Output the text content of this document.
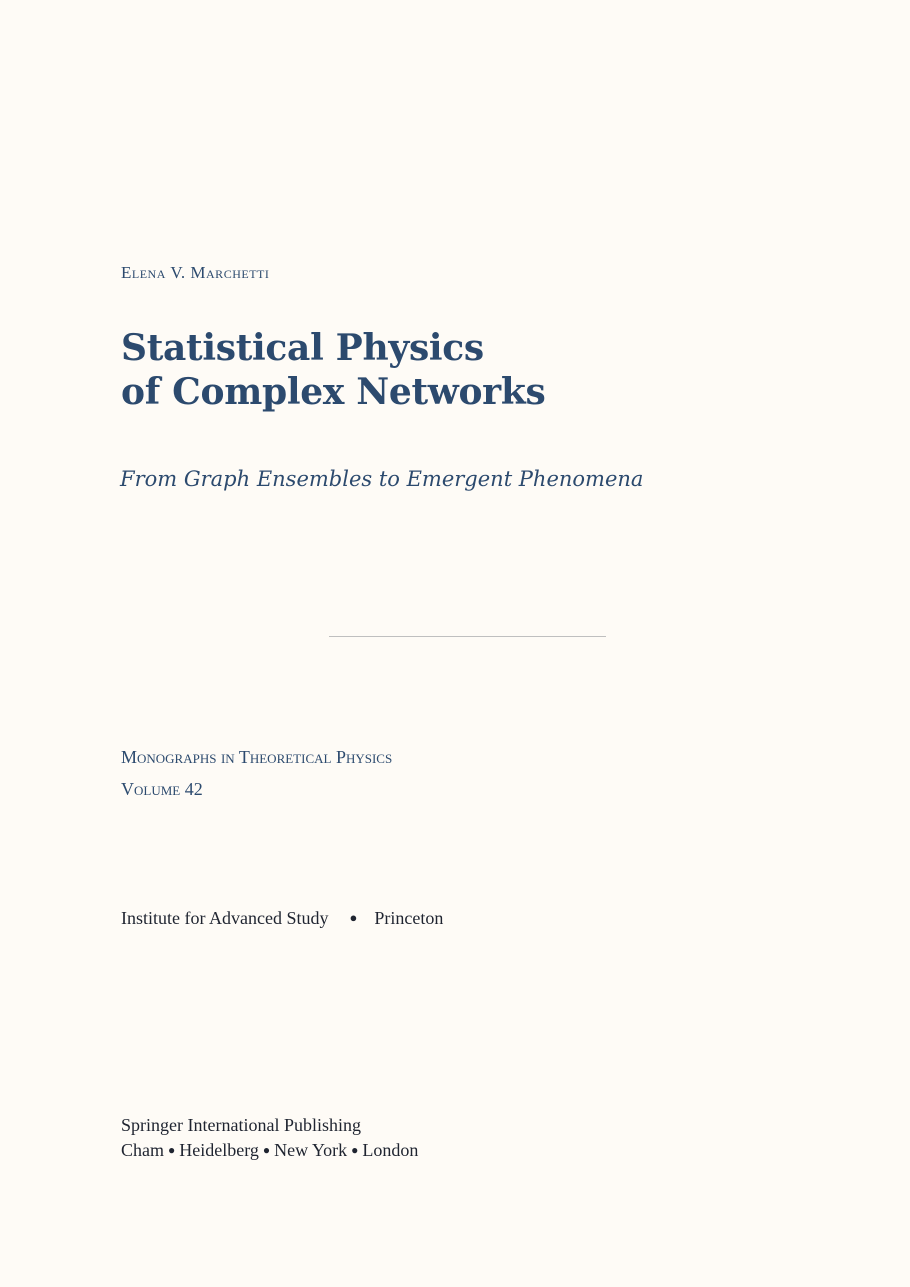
Elena V. Marchetti
Statistical Physics
of Complex Networks
From Graph Ensembles to Emergent Phenomena
Monographs in Theoretical Physics
Volume 42
Institute for Advanced Study ● Princeton
Springer International Publishing
Cham ● Heidelberg ● New York ● London
